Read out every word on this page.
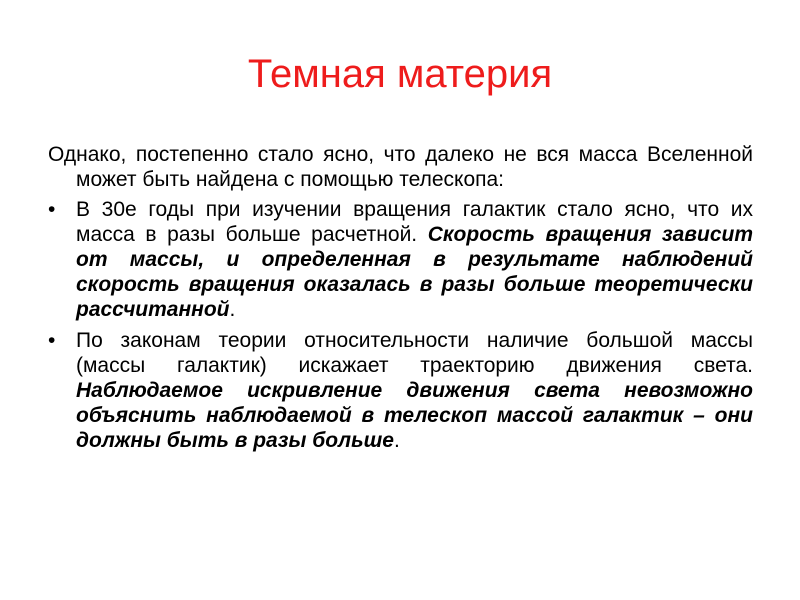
Темная материя

Однако, постепенно стало ясно, что далеко не вся масса Вселенной может быть найдена с помощью телескопа:

• В 30е годы при изучении вращения галактик стало ясно, что их масса в разы больше расчетной. Скорость вращения зависит от массы, и определенная в результате наблюдений скорость вращения оказалась в разы больше теоретически рассчитанной.
• По законам теории относительности наличие большой массы (массы галактик) искажает траекторию движения света. Наблюдаемое искривление движения света невозможно объяснить наблюдаемой в телескоп массой галактик – они должны быть в разы больше.
